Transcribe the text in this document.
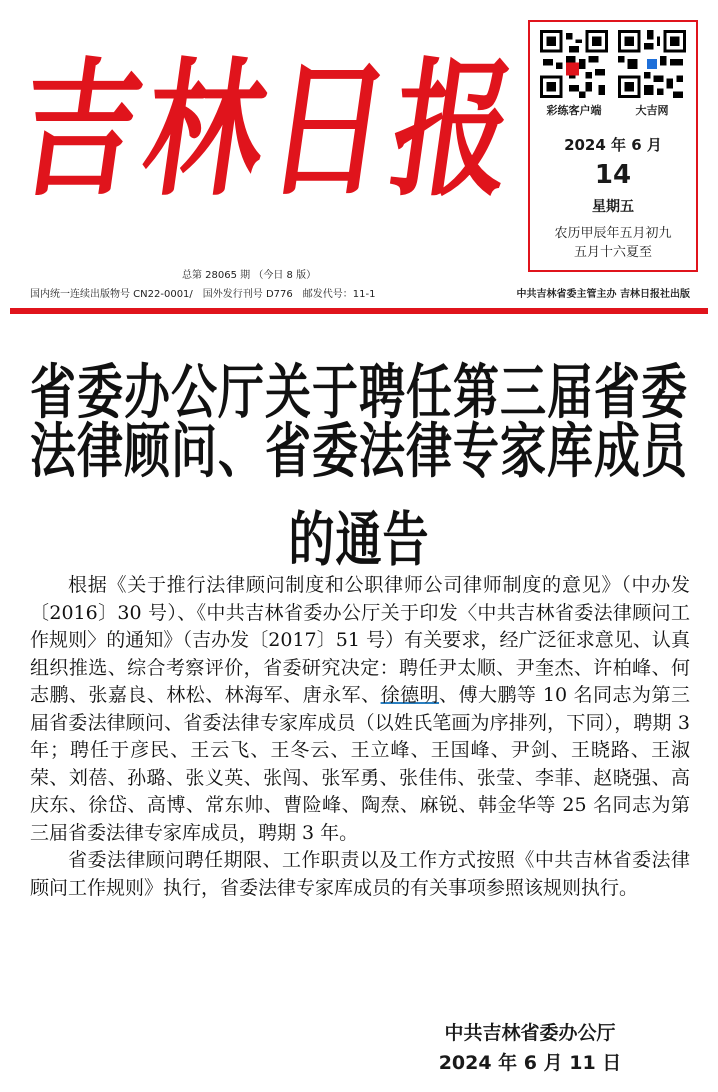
吉
林
日
报	彩练客户端	大吉网
2024 年 6 月
14
星期五
农历甲辰年五月初九
五月十六夏至
总第 28065 期 （今日 8 版）
国内统一连续出版物号 CN22-0001/　国外发行刊号 D776　邮发代号：11-1	中共吉林省委主管主办 吉林日报社出版
省委办公厅关于聘任第三届省委
法律顾问、省委法律专家库成员的通告

根据《关于推行法律顾问制度和公职律师公司律师制度的意见》（中办发〔2016〕30 号）、《中共吉林省委办公厅关于印发〈中共吉林省委法律顾问工作规则〉的通知》（吉办发〔2017〕51 号）有关要求，经广泛征求意见、认真组织推选、综合考察评价，省委研究决定：聘任尹太顺、尹奎杰、许柏峰、何志鹏、张嘉良、林松、林海军、唐永军、徐德明、傅大鹏等 10 名同志为第三届省委法律顾问、省委法律专家库成员（以姓氏笔画为序排列，下同），聘期 3 年；聘任于彦民、王云飞、王冬云、王立峰、王国峰、尹剑、王晓路、王淑荣、刘蓓、孙璐、张义英、张闯、张军勇、张佳伟、张莹、李菲、赵晓强、高庆东、徐岱、高博、常东帅、曹险峰、陶焘、麻锐、韩金华等 25 名同志为第三届省委法律专家库成员，聘期 3 年。

省委法律顾问聘任期限、工作职责以及工作方式按照《中共吉林省委法律顾问工作规则》执行，省委法律专家库成员的有关事项参照该规则执行。

中共吉林省委办公厅
2024 年 6 月 11 日
